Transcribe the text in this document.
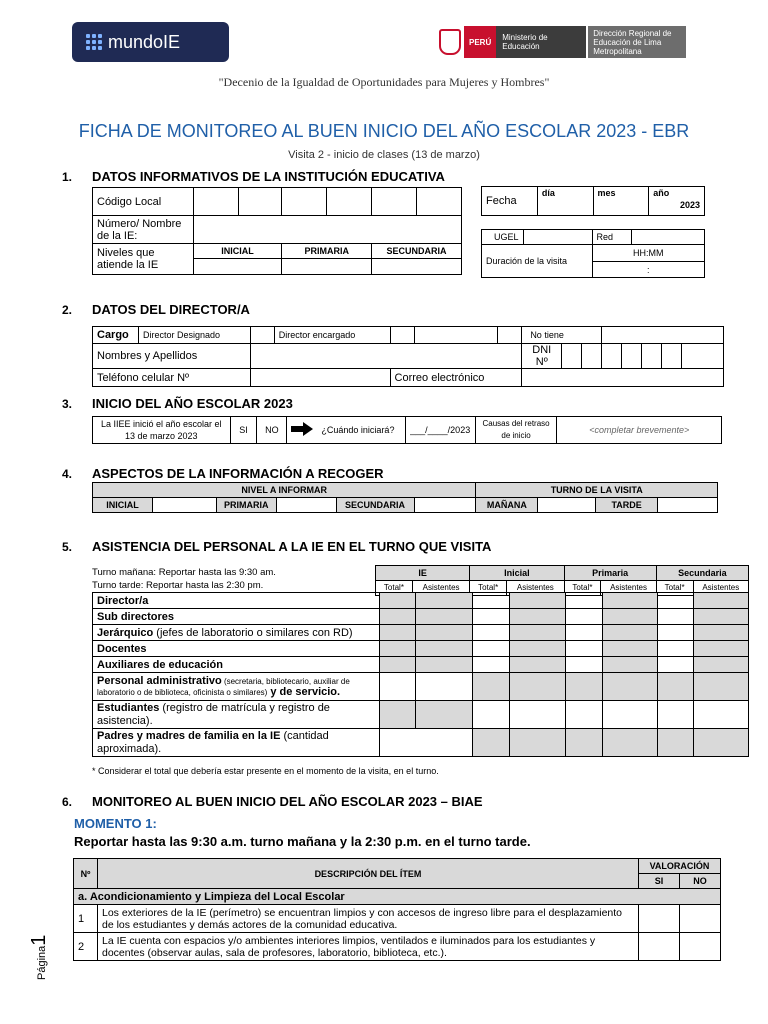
mundoIE	PERÚ	Ministerio de Educación
Dirección Regional de Educación de Lima Metropolitana
"Decenio de la Igualdad de Oportunidades para Mujeres y Hombres"
FICHA DE MONITOREO AL BUEN INICIO DEL AÑO ESCOLAR 2023 - EBR
Visita 2 - inicio de clases (13 de marzo)
1. DATOS INFORMATIVOS DE LA INSTITUCIÓN EDUCATIVA
Código Local						
Número/ Nombre de la IE:						
Niveles que atiende la IE	INICIAL		PRIMARIA		SECUNDARIA	

Fecha	día	mes	año
2023
UGEL		Red	
Duración de la visita		HH:MM	
		:	
2. DATOS DEL DIRECTOR/A
Cargo	Director Designado		Director encargado				No tiene							
Nombres y Apellidos							DNI Nº							
Teléfono celular Nº				Correo electrónico										
3. INICIO DEL AÑO ESCOLAR 2023
La IIEE inició el año escolar el 13 de marzo 2023	SI	NO		¿Cuándo iniciará?	___/____/2023	Causas del retraso de inicio	<completar brevemente>
4. ASPECTOS DE LA INFORMACIÓN A RECOGER
NIVEL A INFORMAR						TURNO DE LA VISITA			
INICIAL		PRIMARIA		SECUNDARIA		MAÑANA		TARDE	
5. ASISTENCIA DEL PERSONAL A LA IE EN EL TURNO QUE VISITA
Turno mañana: Reportar hasta las 9:30 am.
Turno tarde: Reportar hasta las 2:30 pm.
IE		Inicial		Primaria		Secundaria	
Total*	Asistentes	Total*	Asistentes	Total*	Asistentes	Total*	Asistentes
Director/a								
Sub directores								
Jerárquico (jefes de laboratorio o similares con RD)								
Docentes								
Auxiliares de educación								
Personal administrativo (secretaria, bibliotecario, auxiliar de laboratorio o de biblioteca, oficinista o similares) y de servicio.								
Estudiantes (registro de matrícula y registro de asistencia).								
Padres y madres de familia en la IE (cantidad aproximada).								
* Considerar el total que debería estar presente en el momento de la visita, en el turno.
6. MONITOREO AL BUEN INICIO DEL AÑO ESCOLAR 2023 – BIAE
MOMENTO 1:
Reportar hasta las 9:30 a.m. turno mañana y la 2:30 p.m. en el turno tarde.
Nº	DESCRIPCIÓN DEL ÍTEM	VALORACIÓN	
		SI	NO
a. Acondicionamiento y Limpieza del Local Escolar			
1	Los exteriores de la IE (perímetro) se encuentran limpios y con accesos de ingreso libre para el desplazamiento de los estudiantes y demás actores de la comunidad educativa.		
2	La IE cuenta con espacios y/o ambientes interiores limpios, ventilados e iluminados para los estudiantes y docentes (observar aulas, sala de profesores, laboratorio, biblioteca, etc.).		
Página1
